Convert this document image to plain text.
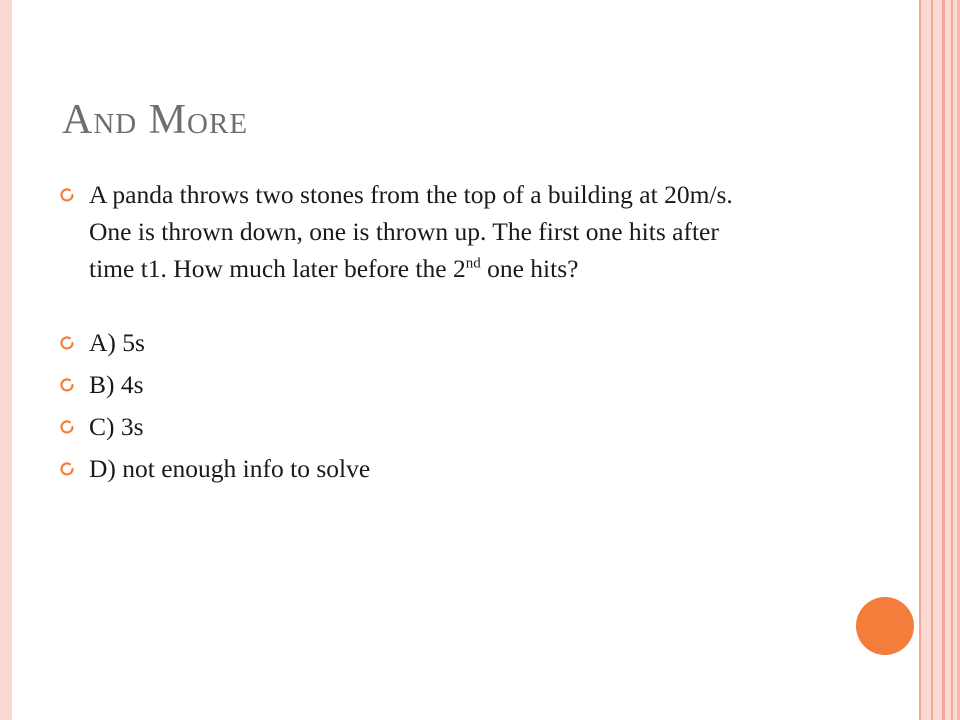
And More
A panda throws two stones from the top of a building at 20m/s. One is thrown down, one is thrown up. The first one hits after time t1. How much later before the 2nd one hits?
A) 5s
B) 4s
C) 3s
D) not enough info to solve
